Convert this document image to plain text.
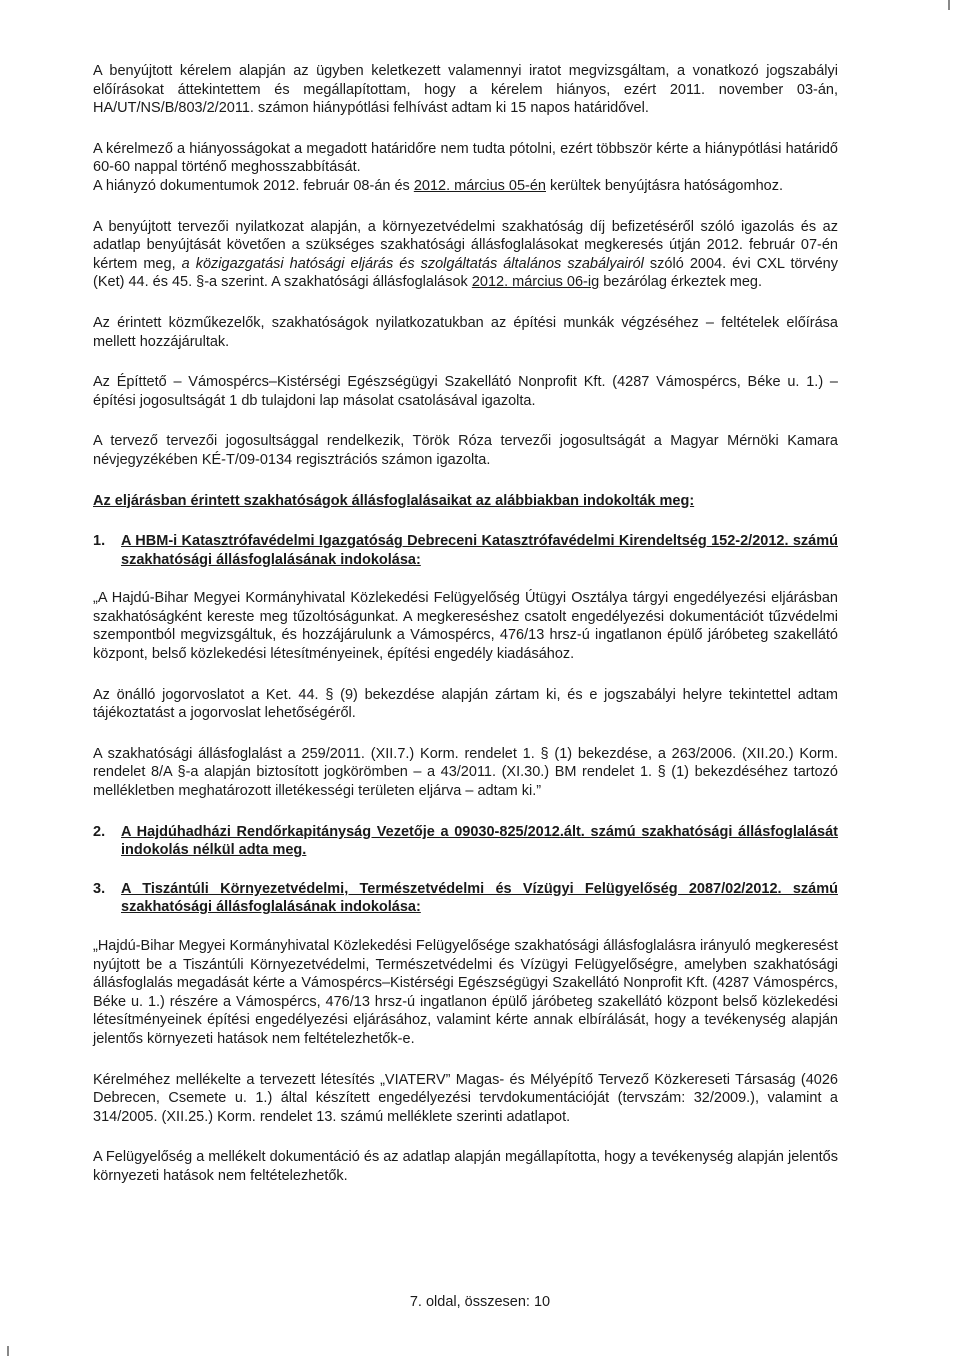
A benyújtott kérelem alapján az ügyben keletkezett valamennyi iratot megvizsgáltam, a vonatkozó jogszabályi előírásokat áttekintettem és megállapítottam, hogy a kérelem hiányos, ezért 2011. november 03-án, HA/UT/NS/B/803/2/2011. számon hiánypótlási felhívást adtam ki 15 napos határidővel.

A kérelmező a hiányosságokat a megadott határidőre nem tudta pótolni, ezért többször kérte a hiánypótlási határidő 60-60 nappal történő meghosszabbítását.

A hiányzó dokumentumok 2012. február 08-án és 2012. március 05-én kerültek benyújtásra hatóságomhoz.

A benyújtott tervezői nyilatkozat alapján, a környezetvédelmi szakhatóság díj befizetéséről szóló igazolás és az adatlap benyújtását követően a szükséges szakhatósági állásfoglalásokat megkeresés útján 2012. február 07-én kértem meg, a közigazgatási hatósági eljárás és szolgáltatás általános szabályairól szóló 2004. évi CXL törvény (Ket) 44. és 45. §-a szerint. A szakhatósági állásfoglalások 2012. március 06-ig bezárólag érkeztek meg.

Az érintett közműkezelők, szakhatóságok nyilatkozatukban az építési munkák végzéséhez – feltételek előírása mellett hozzájárultak.

Az Építtető – Vámospércs–Kistérségi Egészségügyi Szakellátó Nonprofit Kft. (4287 Vámospércs, Béke u. 1.) – építési jogosultságát 1 db tulajdoni lap másolat csatolásával igazolta.

A tervező tervezői jogosultsággal rendelkezik, Török Róza tervezői jogosultságát a Magyar Mérnöki Kamara névjegyzékében KÉ-T/09-0134 regisztrációs számon igazolta.

Az eljárásban érintett szakhatóságok állásfoglalásaikat az alábbiakban indokolták meg:
1.	A HBM-i Katasztrófavédelmi Igazgatóság Debreceni Katasztrófavédelmi Kirendeltség 152-2/2012. számú szakhatósági állásfoglalásának indokolása:

„A Hajdú-Bihar Megyei Kormányhivatal Közlekedési Felügyelőség Útügyi Osztálya tárgyi engedélyezési eljárásban szakhatóságként kereste meg tűzoltóságunkat. A megkereséshez csatolt engedélyezési dokumentációt tűzvédelmi szempontból megvizsgáltuk, és hozzájárulunk a Vámospércs, 476/13 hrsz-ú ingatlanon épülő járóbeteg szakellátó központ, belső közlekedési létesítményeinek, építési engedély kiadásához.

Az önálló jogorvoslatot a Ket. 44. § (9) bekezdése alapján zártam ki, és e jogszabályi helyre tekintettel adtam tájékoztatást a jogorvoslat lehetőségéről.

A szakhatósági állásfoglalást a 259/2011. (XII.7.) Korm. rendelet 1. § (1) bekezdése, a 263/2006. (XII.20.) Korm. rendelet 8/A §-a alapján biztosított jogkörömben – a 43/2011. (XI.30.) BM rendelet 1. § (1) bekezdéséhez tartozó mellékletben meghatározott illetékességi területen eljárva – adtam ki.”

2.	A Hajdúhadházi Rendőrkapitányság Vezetője a 09030-825/2012.ált. számú szakhatósági állásfoglalását indokolás nélkül adta meg.
3.	A Tiszántúli Környezetvédelmi, Természetvédelmi és Vízügyi Felügyelőség 2087/02/2012. számú szakhatósági állásfoglalásának indokolása:

„Hajdú-Bihar Megyei Kormányhivatal Közlekedési Felügyelősége szakhatósági állásfoglalásra irányuló megkeresést nyújtott be a Tiszántúli Környezetvédelmi, Természetvédelmi és Vízügyi Felügyelőségre, amelyben szakhatósági állásfoglalás megadását kérte a Vámospércs–Kistérségi Egészségügyi Szakellátó Nonprofit Kft. (4287 Vámospércs, Béke u. 1.) részére a Vámospércs, 476/13 hrsz-ú ingatlanon épülő járóbeteg szakellátó központ belső közlekedési létesítményeinek építési engedélyezési eljárásához, valamint kérte annak elbírálását, hogy a tevékenység alapján jelentős környezeti hatások nem feltételezhetők-e.

Kérelméhez mellékelte a tervezett létesítés „VIATERV” Magas- és Mélyépítő Tervező Közkereseti Társaság (4026 Debrecen, Csemete u. 1.) által készített engedélyezési tervdokumentációját (tervszám: 32/2009.), valamint a 314/2005. (XII.25.) Korm. rendelet 13. számú melléklete szerinti adatlapot.

A Felügyelőség a mellékelt dokumentáció és az adatlap alapján megállapította, hogy a tevékenység alapján jelentős környezeti hatások nem feltételezhetők.

7. oldal, összesen: 10
